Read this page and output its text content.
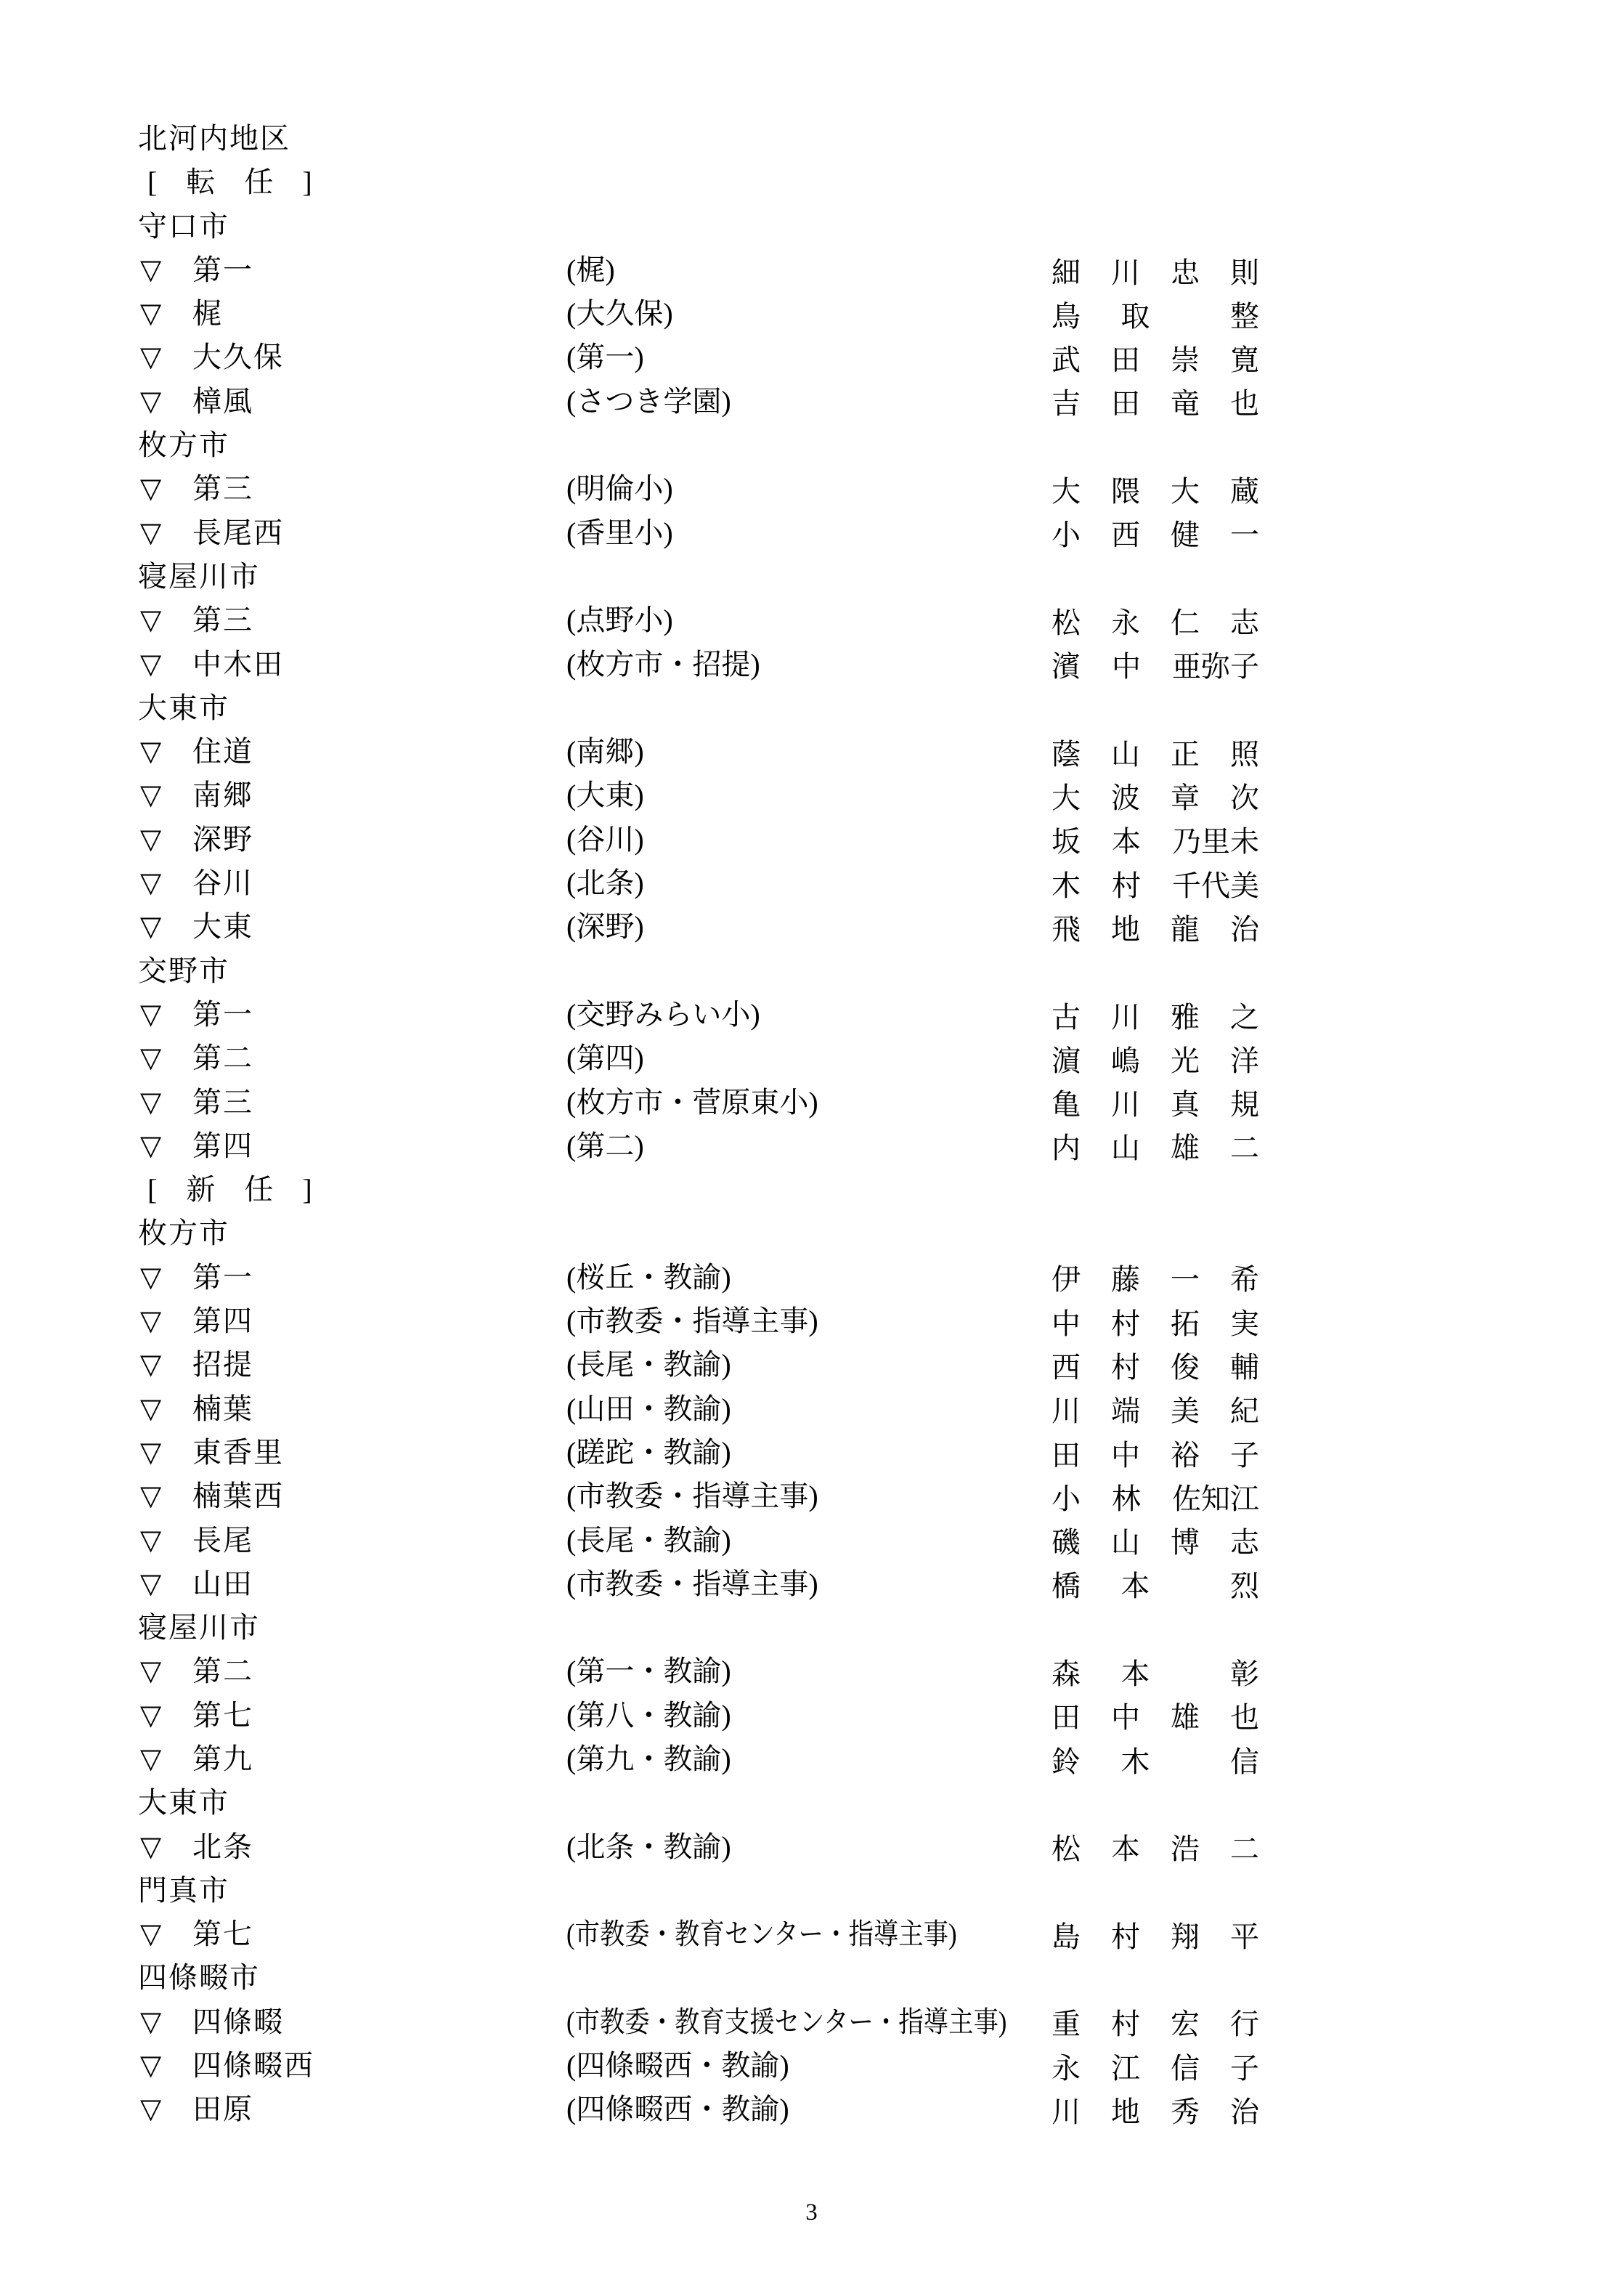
北河内地区
[　転　任　]
守口市
▽ 第一	(梶)	細 川 忠 則
▽ 梶	(大久保)	鳥 取	整
▽ 大久保	(第一)	武 田 崇 寛
▽ 樟風	(さつき学園)	吉 田 竜 也
枚方市
▽ 第三	(明倫小)	大 隈 大 蔵
▽ 長尾西	(香里小)	小 西 健 一
寝屋川市
▽ 第三	(点野小)	松 永 仁 志
▽ 中木田	(枚方市・招提)	濱 中 亜弥子
大東市
▽ 住道	(南郷)	蔭 山 正 照
▽ 南郷	(大東)	大 波 章 次
▽ 深野	(谷川)	坂 本 乃里未
▽ 谷川	(北条)	木 村 千代美
▽ 大東	(深野)	飛 地 龍 治
交野市
▽ 第一	(交野みらい小)	古 川 雅 之
▽ 第二	(第四)	濵 嶋 光 洋
▽ 第三	(枚方市・菅原東小)	亀 川 真 規
▽ 第四	(第二)	内 山 雄 二
[　新　任　]
枚方市
▽ 第一	(桜丘・教諭)	伊 藤 一 希
▽ 第四	(市教委・指導主事)	中 村 拓 実
▽ 招提	(長尾・教諭)	西 村 俊 輔
▽ 楠葉	(山田・教諭)	川 端 美 紀
▽ 東香里	(蹉跎・教諭)	田 中 裕 子
▽ 楠葉西	(市教委・指導主事)	小 林 佐知江
▽ 長尾	(長尾・教諭)	磯 山 博 志
▽ 山田	(市教委・指導主事)	橋 本	烈
寝屋川市
▽ 第二	(第一・教諭)	森 本	彰
▽ 第七	(第八・教諭)	田 中 雄 也
▽ 第九	(第九・教諭)	鈴 木	信
大東市
▽ 北条	(北条・教諭)	松 本 浩 二
門真市
▽ 第七	(市教委・教育センター・指導主事)	島 村 翔 平
四條畷市
▽ 四條畷	(市教委・教育支援センター・指導主事) 重 村 宏 行
▽ 四條畷西	(四條畷西・教諭)	永 江 信 子
▽ 田原	(四條畷西・教諭)	川 地 秀 治
3
